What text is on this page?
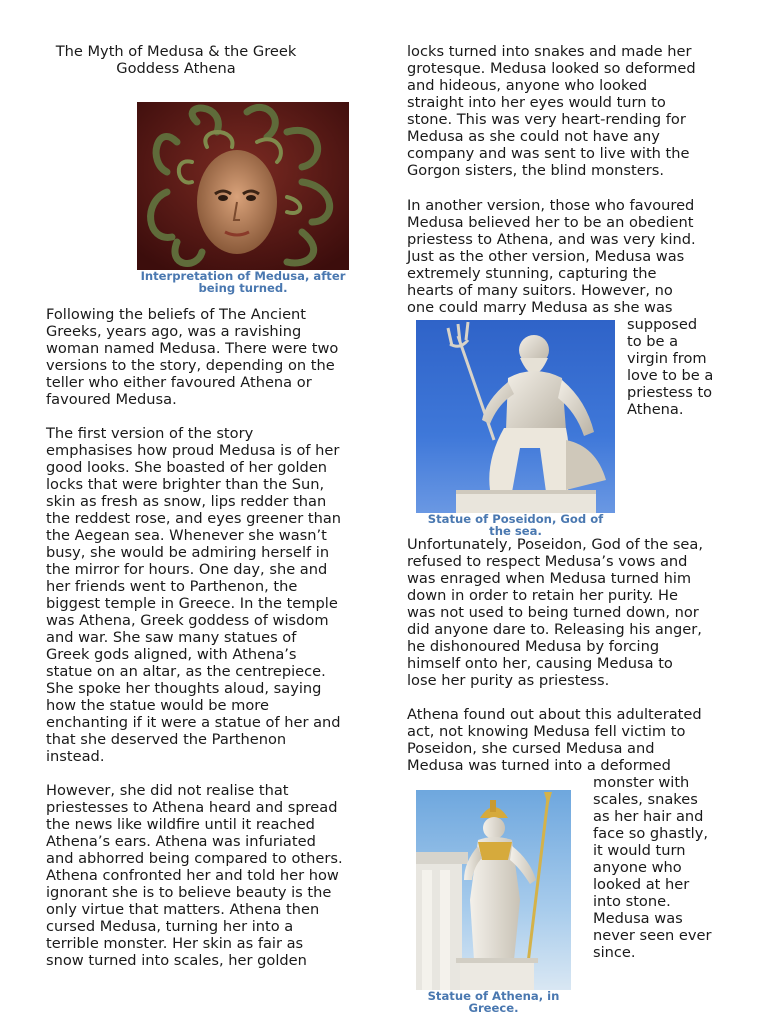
The Myth of Medusa & the Greek
Goddess Athena
Interpretation of Medusa, after
being turned.
Following the beliefs of The Ancient
Greeks, years ago, was a ravishing
woman named Medusa. There were two
versions to the story, depending on the
teller who either favoured Athena or
favoured Medusa.
The first version of the story
emphasises how proud Medusa is of her
good looks. She boasted of her golden
locks that were brighter than the Sun,
skin as fresh as snow, lips redder than
the reddest rose, and eyes greener than
the Aegean sea. Whenever she wasn’t
busy, she would be admiring herself in
the mirror for hours. One day, she and
her friends went to Parthenon, the
biggest temple in Greece. In the temple
was Athena, Greek goddess of wisdom
and war. She saw many statues of
Greek gods aligned, with Athena’s
statue on an altar, as the centrepiece.
She spoke her thoughts aloud, saying
how the statue would be more
enchanting if it were a statue of her and
that she deserved the Parthenon
instead.
However, she did not realise that
priestesses to Athena heard and spread
the news like wildfire until it reached
Athena’s ears. Athena was infuriated
and abhorred being compared to others.
Athena confronted her and told her how
ignorant she is to believe beauty is the
only virtue that matters. Athena then
cursed Medusa, turning her into a
terrible monster. Her skin as fair as
snow turned into scales, her golden
locks turned into snakes and made her
grotesque. Medusa looked so deformed
and hideous, anyone who looked
straight into her eyes would turn to
stone. This was very heart-rending for
Medusa as she could not have any
company and was sent to live with the
Gorgon sisters, the blind monsters.
In another version, those who favoured
Medusa believed her to be an obedient
priestess to Athena, and was very kind.
Just as the other version, Medusa was
extremely stunning, capturing the
hearts of many suitors. However, no
one could marry Medusa as she was
supposed
to be a
virgin from
love to be a
priestess to
Athena.
Statue of Poseidon, God of
the sea.
Unfortunately, Poseidon, God of the sea,
refused to respect Medusa’s vows and
was enraged when Medusa turned him
down in order to retain her purity. He
was not used to being turned down, nor
did anyone dare to. Releasing his anger,
he dishonoured Medusa by forcing
himself onto her, causing Medusa to
lose her purity as priestess.
Athena found out about this adulterated
act, not knowing Medusa fell victim to
Poseidon, she cursed Medusa and
Medusa was turned into a deformed
monster with
scales, snakes
as her hair and
face so ghastly,
it would turn
anyone who
looked at her
into stone.
Medusa was
never seen ever
since.
Statue of Athena, in
Greece.
